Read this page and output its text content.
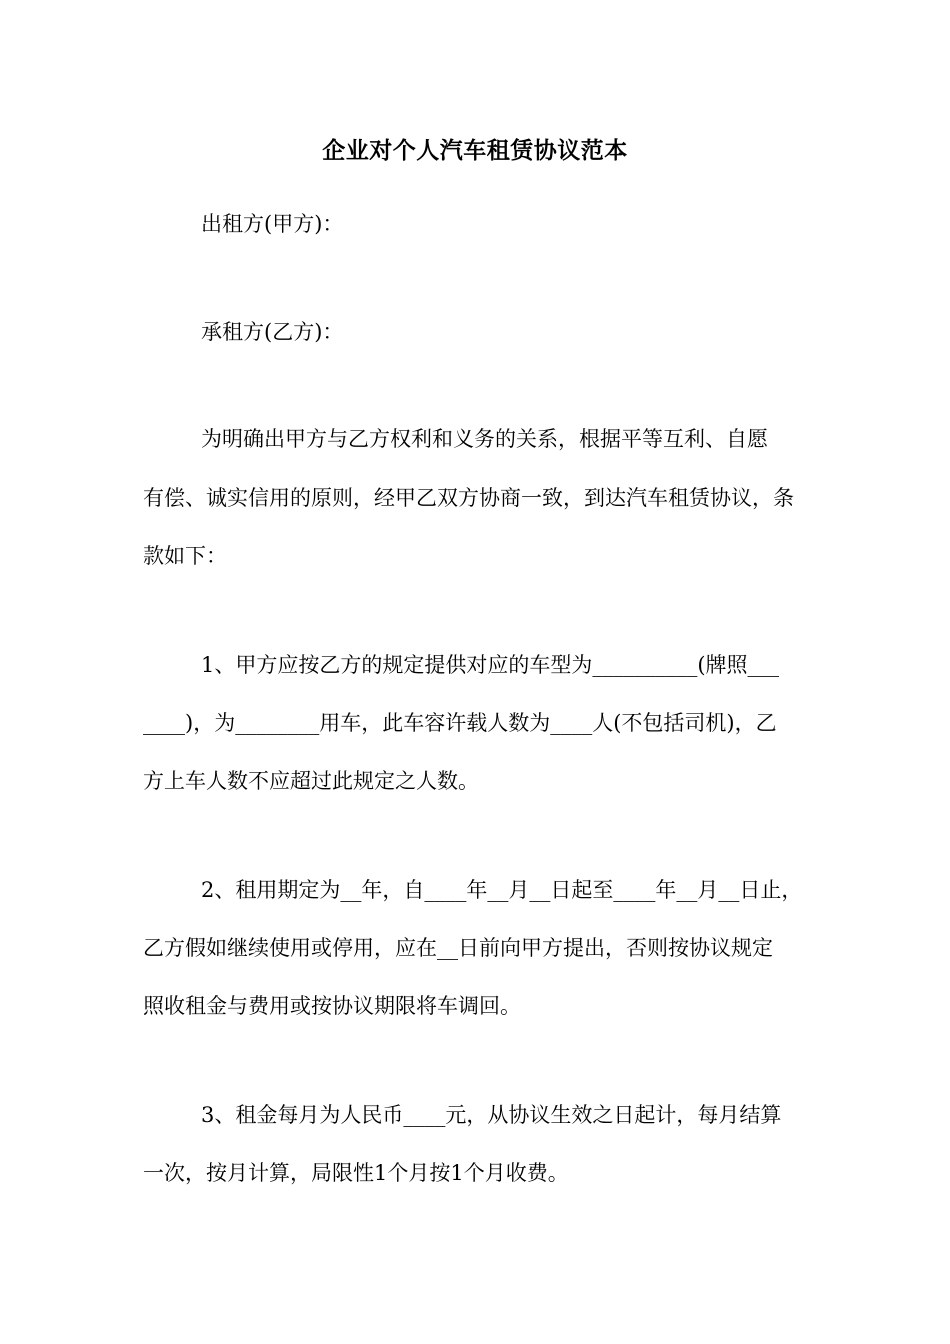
企业对个人汽车租赁协议范本
出租方(甲方)：
承租方(乙方)：
为明确出甲方与乙方权利和义务的关系，根据平等互利、自愿
有偿、诚实信用的原则，经甲乙双方协商一致，到达汽车租赁协议，条
款如下：
1、甲方应按乙方的规定提供对应的车型为__________(牌照___
____)，为________用车，此车容许载人数为____人(不包括司机)，乙
方上车人数不应超过此规定之人数。
2、租用期定为__年，自____年__月__日起至____年__月__日止，
乙方假如继续使用或停用，应在__日前向甲方提出，否则按协议规定
照收租金与费用或按协议期限将车调回。
3、租金每月为人民币____元，从协议生效之日起计，每月结算
一次，按月计算，局限性1个月按1个月收费。
